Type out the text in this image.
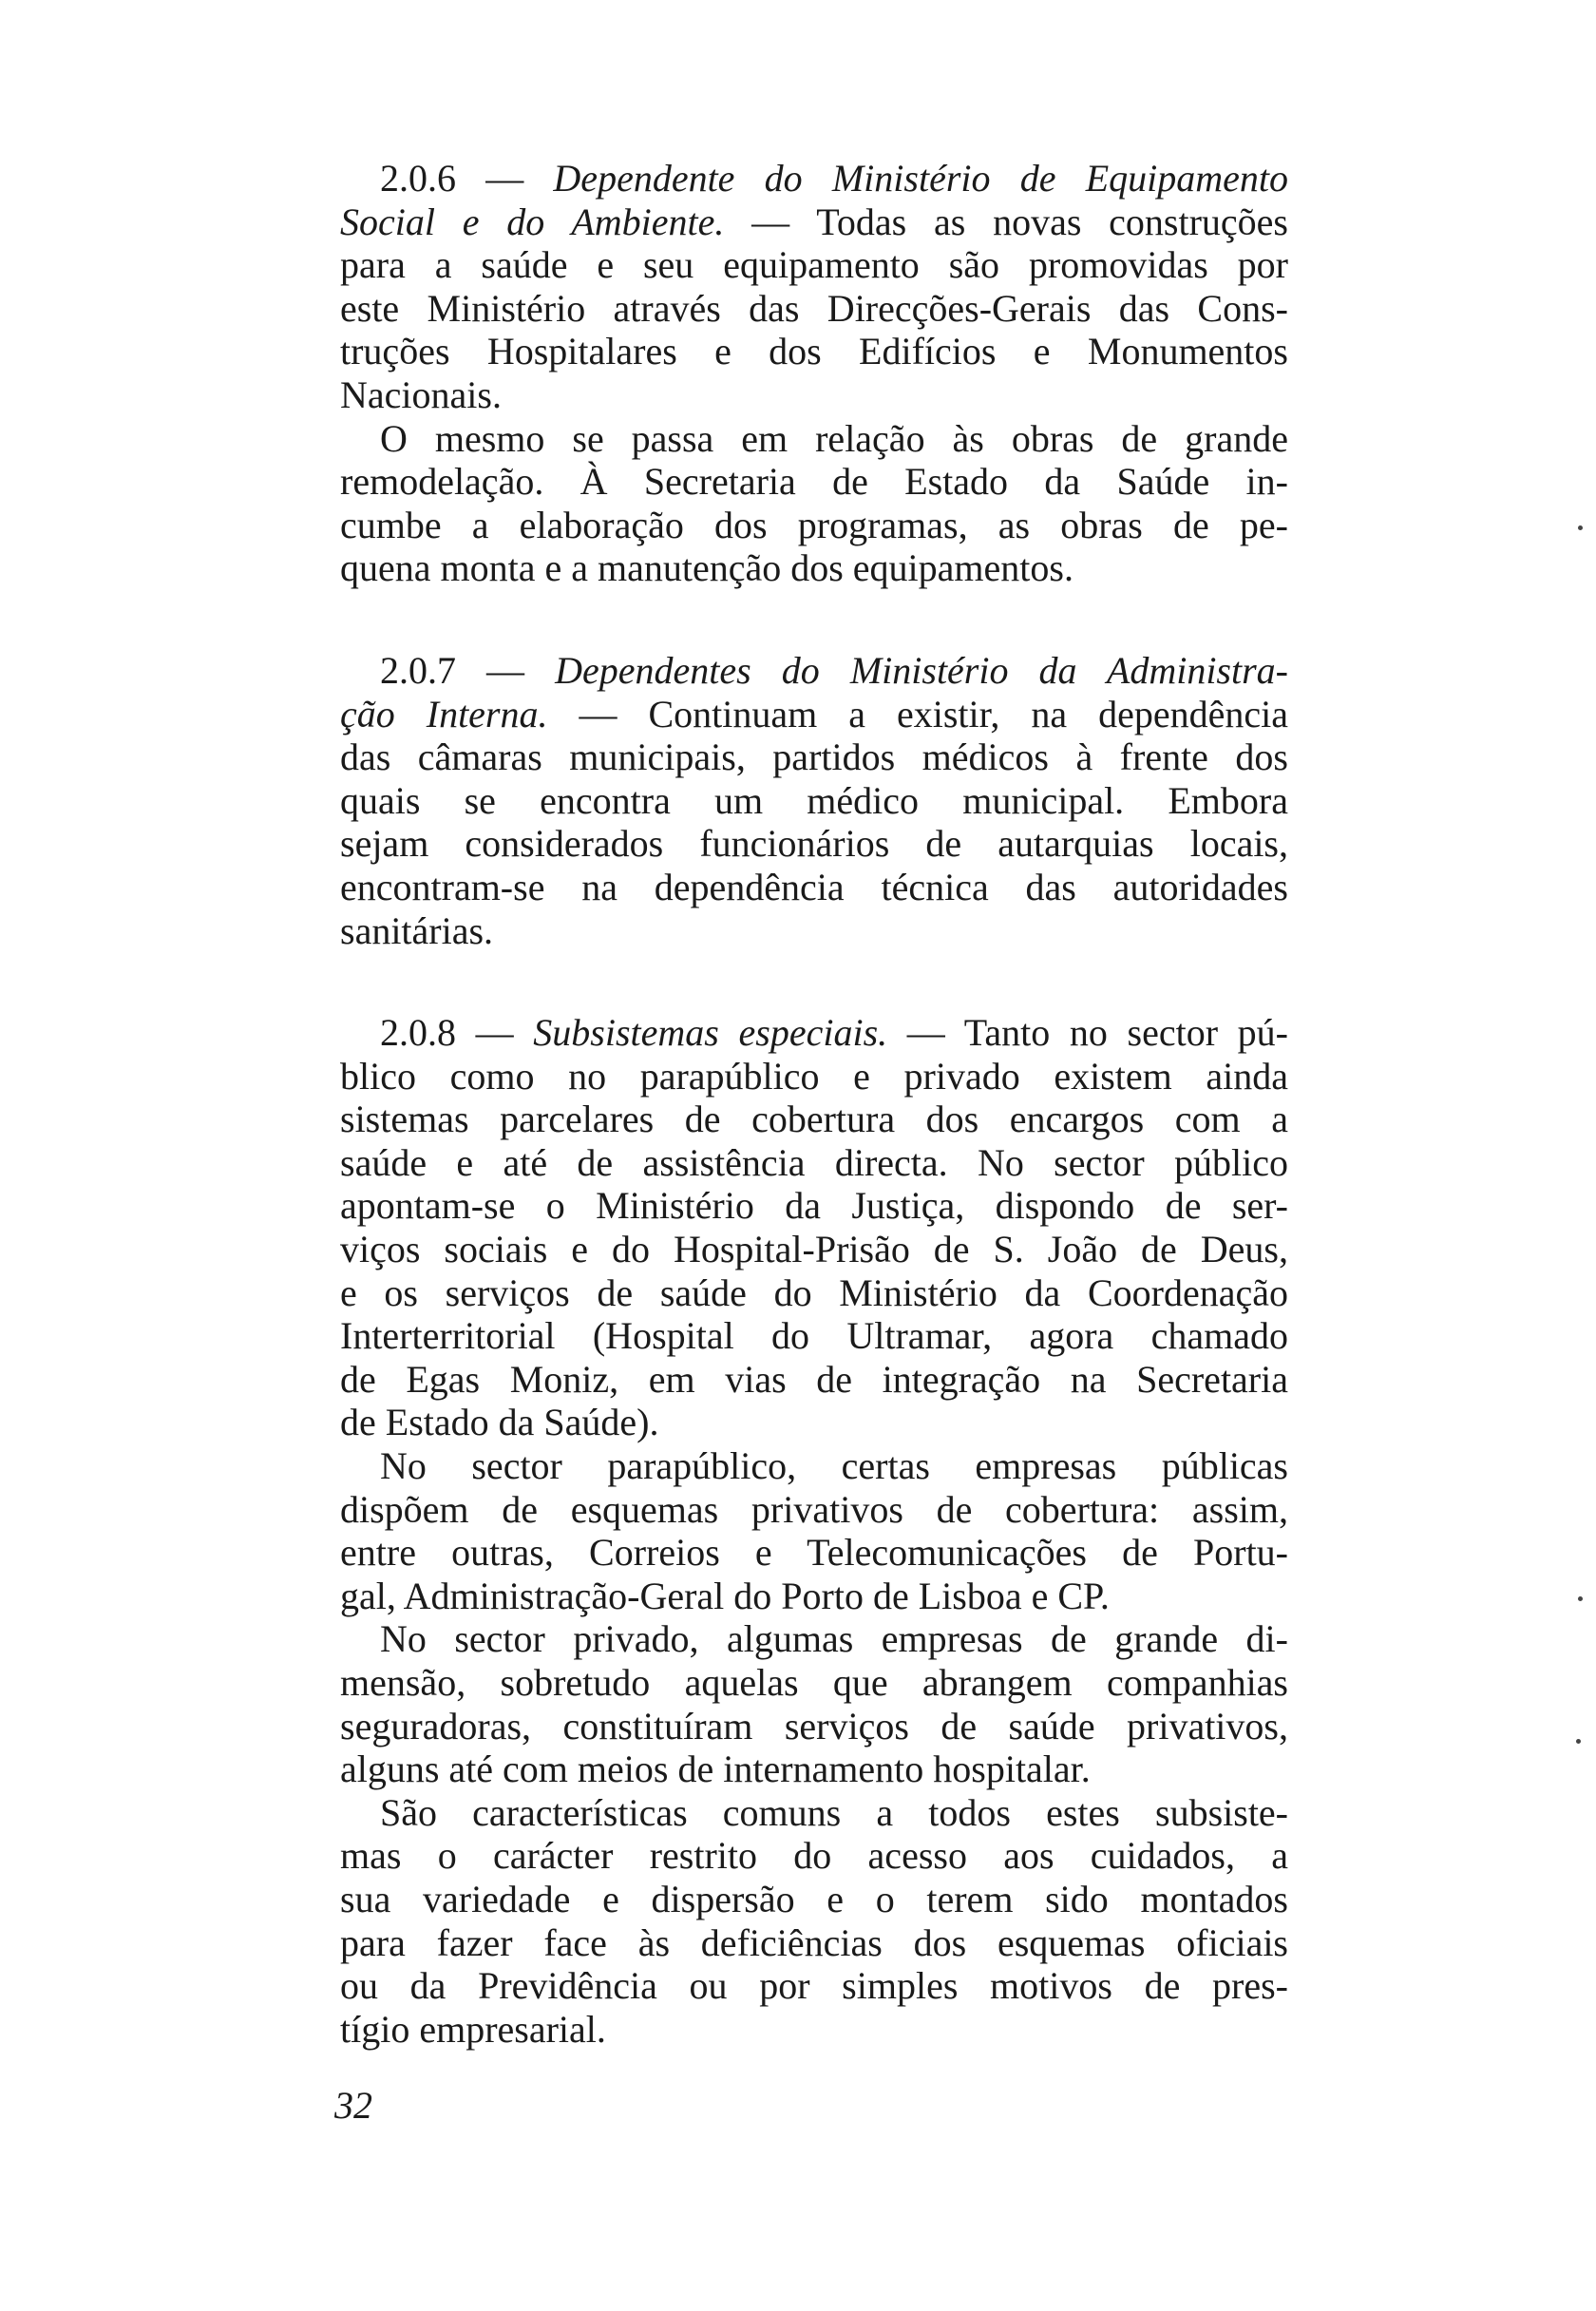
2.0.6 — Dependente do Ministério de Equipamento
Social e do Ambiente. — Todas as novas construções
para a saúde e seu equipamento são promovidas por
este Ministério através das Direcções-Gerais das Cons-
truções Hospitalares e dos Edifícios e Monumentos
Nacionais.
O mesmo se passa em relação às obras de grande
remodelação. À Secretaria de Estado da Saúde in-
cumbe a elaboração dos programas, as obras de pe-
quena monta e a manutenção dos equipamentos.
2.0.7 — Dependentes do Ministério da Administra-
ção Interna. — Continuam a existir, na dependência
das câmaras municipais, partidos médicos à frente dos
quais se encontra um médico municipal. Embora
sejam considerados funcionários de autarquias locais,
encontram-se na dependência técnica das autoridades
sanitárias.
2.0.8 — Subsistemas especiais. — Tanto no sector pú-
blico como no parapúblico e privado existem ainda
sistemas parcelares de cobertura dos encargos com a
saúde e até de assistência directa. No sector público
apontam-se o Ministério da Justiça, dispondo de ser-
viços sociais e do Hospital-Prisão de S. João de Deus,
e os serviços de saúde do Ministério da Coordenação
Interterritorial (Hospital do Ultramar, agora chamado
de Egas Moniz, em vias de integração na Secretaria
de Estado da Saúde).
No sector parapúblico, certas empresas públicas
dispõem de esquemas privativos de cobertura: assim,
entre outras, Correios e Telecomunicações de Portu-
gal, Administração-Geral do Porto de Lisboa e CP.
No sector privado, algumas empresas de grande di-
mensão, sobretudo aquelas que abrangem companhias
seguradoras, constituíram serviços de saúde privativos,
alguns até com meios de internamento hospitalar.
São características comuns a todos estes subsiste-
mas o carácter restrito do acesso aos cuidados, a
sua variedade e dispersão e o terem sido montados
para fazer face às deficiências dos esquemas oficiais
ou da Previdência ou por simples motivos de pres-
tígio empresarial.
32
